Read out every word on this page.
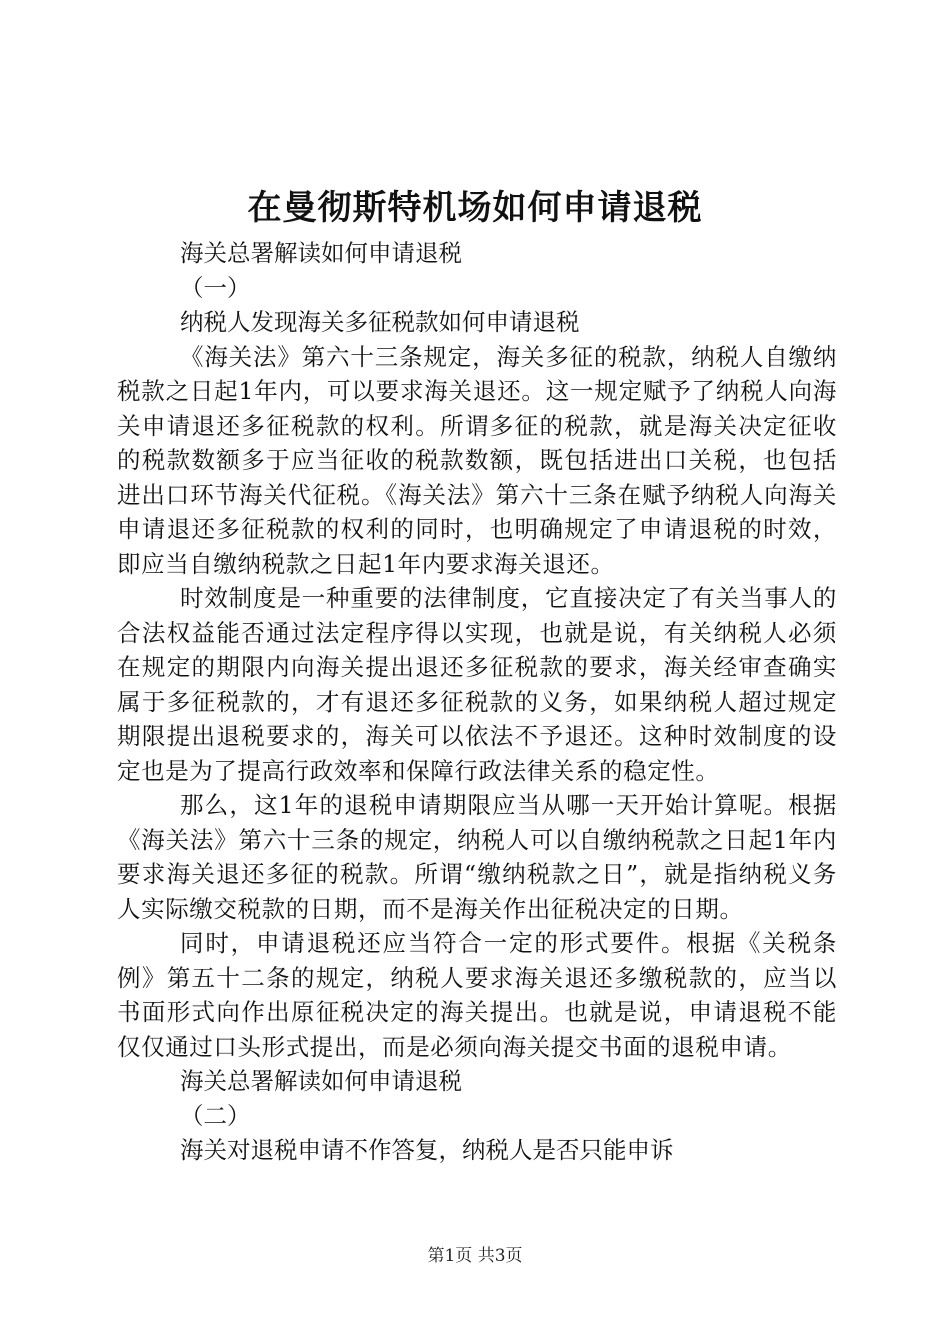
在曼彻斯特机场如何申请退税

海关总署解读如何申请退税

（一）

纳税人发现海关多征税款如何申请退税

《海关法》第六十三条规定，海关多征的税款，纳税人自缴纳税款之日起1年内，可以要求海关退还。这一规定赋予了纳税人向海关申请退还多征税款的权利。所谓多征的税款，就是海关决定征收的税款数额多于应当征收的税款数额，既包括进出口关税，也包括进出口环节海关代征税。《海关法》第六十三条在赋予纳税人向海关申请退还多征税款的权利的同时，也明确规定了申请退税的时效，即应当自缴纳税款之日起1年内要求海关退还。

时效制度是一种重要的法律制度，它直接决定了有关当事人的合法权益能否通过法定程序得以实现，也就是说，有关纳税人必须在规定的期限内向海关提出退还多征税款的要求，海关经审查确实属于多征税款的，才有退还多征税款的义务，如果纳税人超过规定期限提出退税要求的，海关可以依法不予退还。这种时效制度的设定也是为了提高行政效率和保障行政法律关系的稳定性。

那么，这1年的退税申请期限应当从哪一天开始计算呢。根据《海关法》第六十三条的规定，纳税人可以自缴纳税款之日起1年内要求海关退还多征的税款。所谓“缴纳税款之日”，就是指纳税义务人实际缴交税款的日期，而不是海关作出征税决定的日期。

同时，申请退税还应当符合一定的形式要件。根据《关税条例》第五十二条的规定，纳税人要求海关退还多缴税款的，应当以书面形式向作出原征税决定的海关提出。也就是说，申请退税不能仅仅通过口头形式提出，而是必须向海关提交书面的退税申请。

海关总署解读如何申请退税

（二）

海关对退税申请不作答复，纳税人是否只能申诉

第1页 共3页
